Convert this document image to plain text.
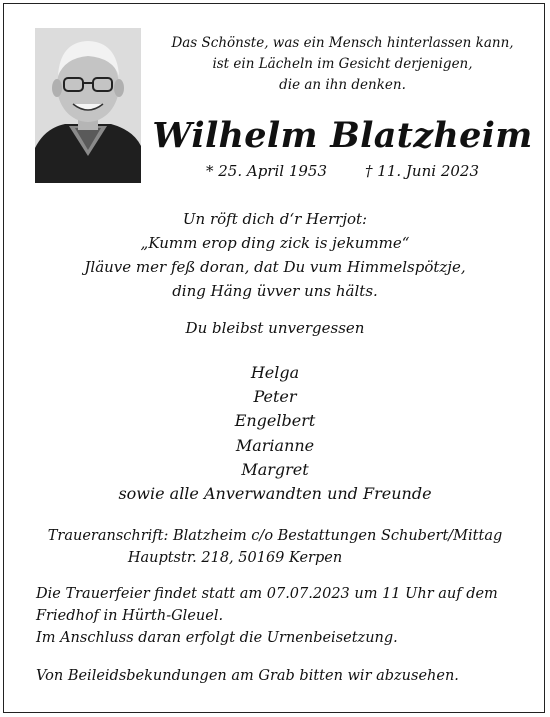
Das Schönste, was ein Mensch hinterlassen kann,
ist ein Lächeln im Gesicht derjenigen,
die an ihn denken.
Wilhelm Blatzheim
* 25. April 1953	† 11. Juni 2023
Un röft dich d‘r Herrjot:
„Kumm erop ding zick is jekumme“
Jläuve mer feß doran, dat Du vum Himmelspötzje,
ding Häng üvver uns hälts.
Du bleibst unvergessen
Helga
Peter
Engelbert
Marianne
Margret
sowie alle Anverwandten und Freunde
Traueranschrift: Blatzheim c/o Bestattungen Schubert/Mittag
Hauptstr. 218, 50169 Kerpen
Die Trauerfeier findet statt am 07.07.2023 um 11 Uhr auf dem
Friedhof in Hürth-Gleuel.
Im Anschluss daran erfolgt die Urnenbeisetzung.
Von Beileidsbekundungen am Grab bitten wir abzusehen.
